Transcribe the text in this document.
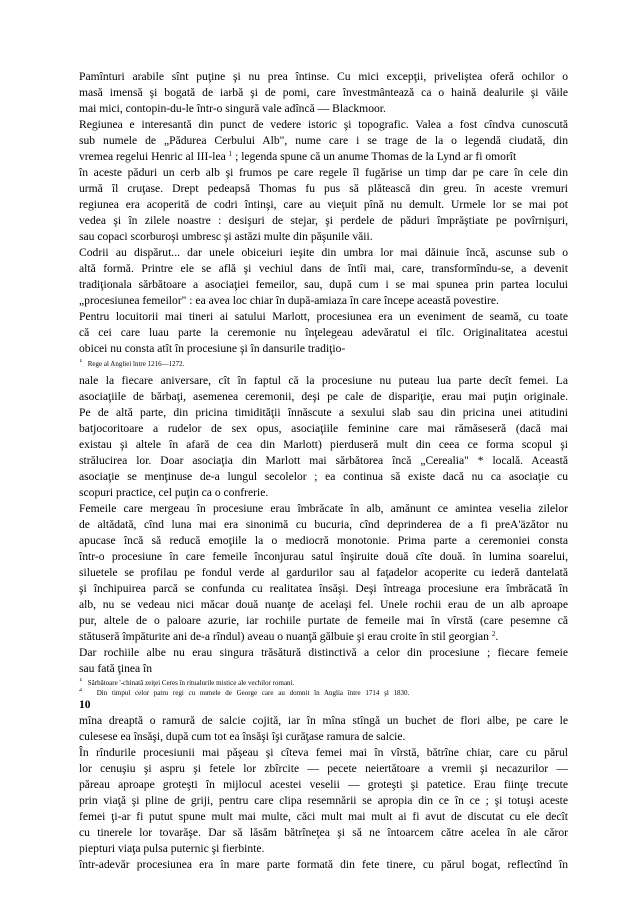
Pamînturi arabile sînt puţine şi nu prea întinse. Cu mici excepţii, priveliştea oferă ochilor o
masă imensă şi bogată de iarbă şi de pomi, care învestmântează ca o haină dealurile şi văile
mai mici, contopin-du-le într-o singură vale adîncă — Blackmoor.
Regiunea e interesantă din punct de vedere istoric şi topografic. Valea a fost cîndva cunoscută
sub numele de „Pădurea Cerbului Alb", nume care i se trage de la o legendă ciudată, din
vremea regelui Henric al III-lea $^1$ ; legenda spune că un anume Thomas de la Lynd ar fi omorît
în aceste păduri un cerb alb şi frumos pe care regele îl fugărise un timp dar pe care în cele din
urmă îl cruţase. Drept pedeapsă Thomas fu pus să plătească din greu. în aceste vremuri
regiunea era acoperită de codri întinşi, care au vieţuit pînă nu demult. Urmele lor se mai pot
vedea şi în zilele noastre : desişuri de stejar, şi perdele de păduri împrăştiate pe povîrnişuri,
sau copaci scorburoşi umbresc şi astăzi multe din păşunile văii.
Codrii au dispărut... dar unele obiceiuri ieşite din umbra lor mai dăinuie încă, ascunse sub o
altă formă. Printre ele se află şi vechiul dans de întîi mai, care, transformîndu-se, a devenit
tradiţionala sărbătoare a asociaţiei femeilor, sau, după cum i se mai spunea prin partea locului
„procesiunea femeilor" : ea avea loc chiar în după-amiaza în care începe această povestire.
Pentru locuitorii mai tineri ai satului Marlott, procesiunea era un eveniment de seamă, cu toate
că cei care luau parte la ceremonie nu înţelegeau adevăratul ei tîlc. Originalitatea acestui
obicei nu consta atît în procesiune şi în dansurile tradiţio-
$^1$ Rege al Angliei între 1216—1272.
nale la fiecare aniversare, cît în faptul că la procesiune nu puteau lua parte decît femei. La
asociaţiile de bărbaţi, asemenea ceremonii, deşi pe cale de dispariţie, erau mai puţin originale.
Pe de altă parte, din pricina timidităţii înnăscute a sexului slab sau din pricina unei atitudini
batjocoritoare a rudelor de sex opus, asociaţiile feminine care mai rămăseseră (dacă mai
existau şi altele în afară de cea din Marlott) pierduseră mult din ceea ce forma scopul şi
strălucirea lor. Doar asociaţia din Marlott mai sărbătorea încă „Cerealia" * locală. Această
asociaţie se menţinuse de-a lungul secolelor ; ea continua să existe dacă nu ca asociaţie cu
scopuri practice, cel puţin ca o confrerie.
Femeile care mergeau în procesiune erau îmbrăcate în alb, amănunt ce amintea veselia zilelor
de altădată, cînd luna mai era sinonimă cu bucuria, cînd deprinderea de a fi preA'äzător nu
apucase încă să reducă emoţiile la o mediocră monotonie. Prima parte a ceremoniei consta
într-o procesiune în care femeile înconjurau satul înşiruite două cîte două. în lumina soarelui,
siluetele se profilau pe fondul verde al gardurilor sau al faţadelor acoperite cu iederă dantelată
şi închipuirea parcă se confunda cu realitatea însăşi. Deşi întreaga procesiune era îmbrăcată în
alb, nu se vedeau nici măcar două nuanţe de acelaşi fel. Unele rochii erau de un alb aproape
pur, altele de o paloare azurie, iar rochiile purtate de femeile mai în vîrstă (care pesemne că
stătuseră împăturite ani de-a rîndul) aveau o nuanţă gălbuie şi erau croite în stil georgian $^2$.
Dar rochiile albe nu erau singura trăsătură distinctivă a celor din procesiune ; fiecare femeie
sau fată ţinea în
$^1$ Sărbătoare '-chinată zeiţei Ceres în ritualurile mistice ale vechilor romani.
$^2$ Din timpul celor patru regi cu numele de George care au domnit în Anglia între 1714 şl 1830.
10
mîna dreaptă o ramură de salcie cojită, iar în mîna stîngă un buchet de flori albe, pe care le
culesese ea însăşi, după cum tot ea însăşi îşi curăţase ramura de salcie.
În rîndurile procesiunii mai păşeau şi cîteva femei mai în vîrstă, bătrîne chiar, care cu părul
lor cenuşiu şi aspru şi fetele lor zbîrcite — pecete neiertătoare a vremii şi necazurilor —
păreau aproape groteşti în mijlocul acestei veselii — groteşti şi patetice. Erau fiinţe trecute
prin viaţă şi pline de griji, pentru care clipa resemnării se apropia din ce în ce ; şi totuşi aceste
femei ţi-ar fi putut spune mult mai multe, căci mult mai mult ai fi avut de discutat cu ele decît
cu tinerele lor tovarăşe. Dar să lăsăm bătrîneţea şi să ne întoarcem către acelea în ale căror
piepturi viaţa pulsa puternic şi fierbinte.
într-adevăr procesiunea era în mare parte formată din fete tinere, cu părul bogat, reflectînd în
